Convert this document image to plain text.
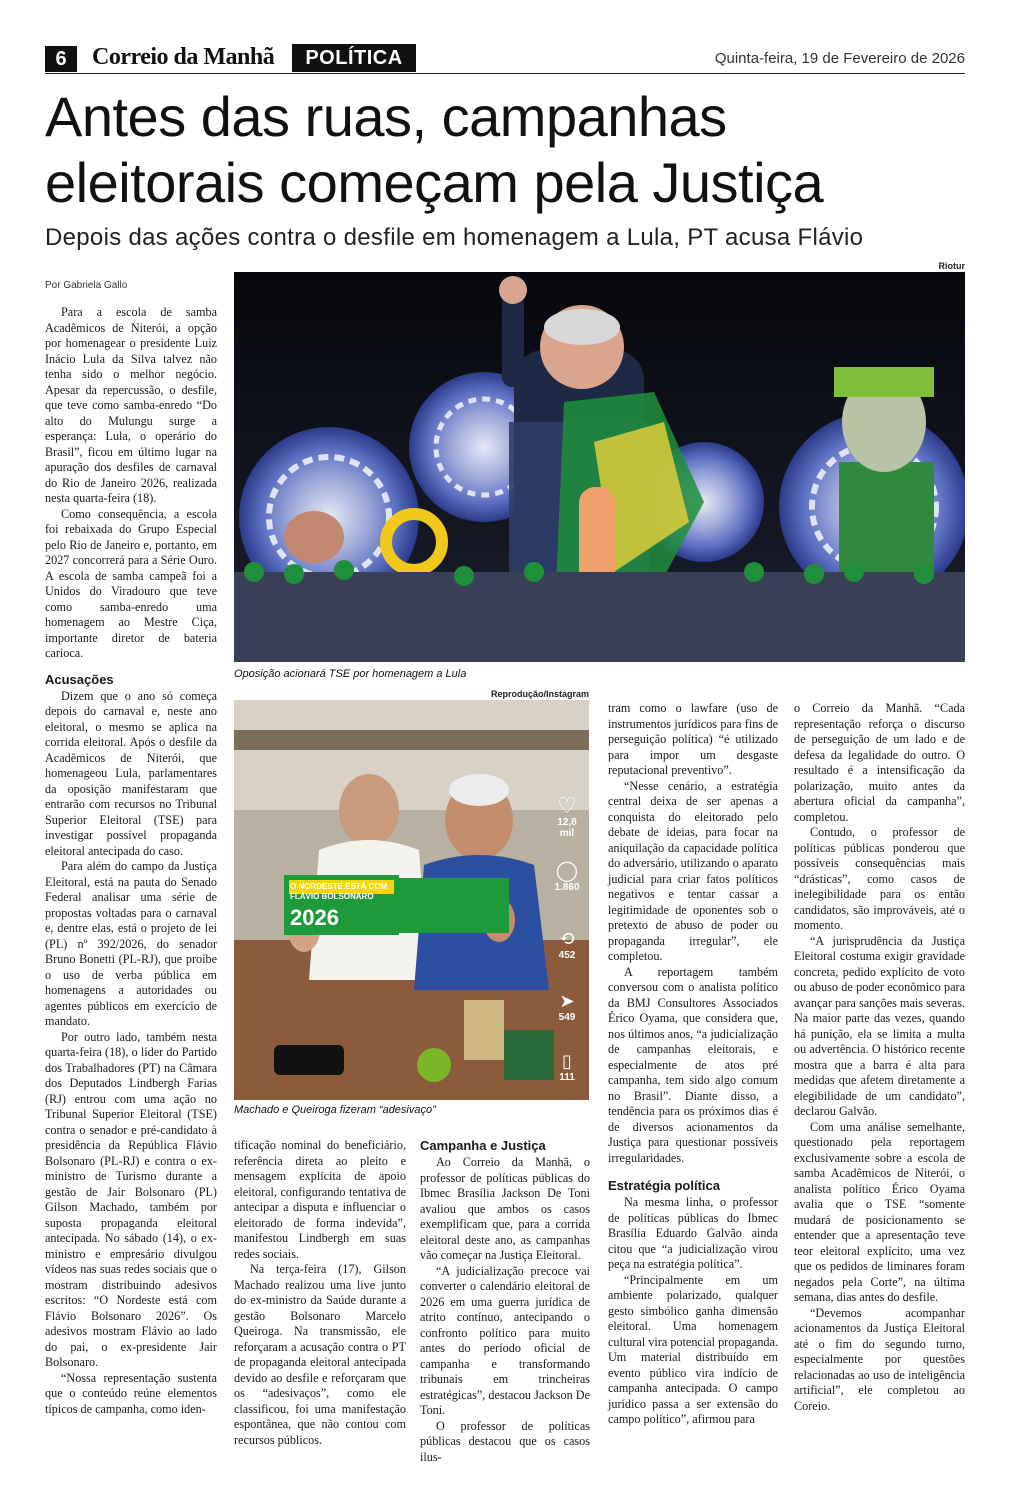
6	Correio da Manhã	POLÍTICA	Quinta-feira, 19 de Fevereiro de 2026
Antes das ruas, campanhas
eleitorais começam pela Justiça
Depois das ações contra o desfile em homenagem a Lula, PT acusa Flávio
Por Gabriela Gallo
Riotur
Oposição acionará TSE por homenagem a Lula
Reprodução/Instagram
O NORDESTE ESTÁ COM
FLÁVIO BOLSONARO
2026
♡
12,8 mil
◯
1.860
⟲
452
➤
549
▯
111
Machado e Queiroga fizeram “adesivaço”

Para a escola de samba Acadêmicos de Niterói, a opção por homenagear o presidente Luiz Inácio Lula da Silva talvez não tenha sido o melhor negócio. Apesar da repercussão, o desfile, que teve como samba-enredo “Do alto do Mulungu surge a esperança: Lula, o operário do Brasil”, ficou em último lugar na apuração dos desfiles de carnaval do Rio de Janeiro 2026, realizada nesta quarta-feira (18).

Como consequência, a escola foi rebaixada do Grupo Especial pelo Rio de Janeiro e, portanto, em 2027 concorrerá para a Série Ouro. A escola de samba campeã foi a Unidos do Viradouro que teve como samba-enredo uma homenagem ao Mestre Ciça, importante diretor de bateria carioca.

Acusações

Dizem que o ano só começa depois do carnaval e, neste ano eleitoral, o mesmo se aplica na corrida eleitoral. Após o desfile da Acadêmicos de Niterói, que homenageou Lula, parlamentares da oposição manifestaram que entrarão com recursos no Tribunal Superior Eleitoral (TSE) para investigar possível propaganda eleitoral antecipada do caso.

Para além do campo da Justiça Eleitoral, está na pauta do Senado Federal analisar uma série de propostas voltadas para o carnaval e, dentre elas, está o projeto de lei (PL) nº 392/2026, do senador Bruno Bonetti (PL-RJ), que proíbe o uso de verba pública em homenagens a autoridades ou agentes públicos em exercício de mandato.

Por outro lado, também nesta quarta-feira (18), o líder do Partido dos Trabalhadores (PT) na Câmara dos Deputados Lindbergh Farias (RJ) entrou com uma ação no Tribunal Superior Eleitoral (TSE) contra o senador e pré-candidato à presidência da República Flávio Bolsonaro (PL-RJ) e contra o ex-ministro de Turismo durante a gestão de Jair Bolsonaro (PL) Gilson Machado, também por suposta propaganda eleitoral antecipada. No sábado (14), o ex-ministro e empresário divulgou vídeos nas suas redes sociais que o mostram distribuindo adesivos escritos: “O Nordeste está com Flávio Bolsonaro 2026”. Os adesivos mostram Flávio ao lado do pai, o ex-presidente Jair Bolsonaro.

“Nossa representação sustenta que o conteúdo reúne elementos típicos de campanha, como iden-

tificação nominal do beneficiário, referência direta ao pleito e mensagem explícita de apoio eleitoral, configurando tentativa de antecipar a disputa e influenciar o eleitorado de forma indevida”, manifestou Lindbergh em suas redes sociais.

Na terça-feira (17), Gilson Machado realizou uma live junto do ex-ministro da Saúde durante a gestão Bolsonaro Marcelo Queiroga. Na transmissão, ele reforçaram a acusação contra o PT de propaganda eleitoral antecipada devido ao desfile e reforçaram que os “adesivaços”, como ele classificou, foi uma manifestação espontânea, que não contou com recursos públicos.

Campanha e Justiça

Ao Correio da Manhã, o professor de políticas públicas do Ibmec Brasília Jackson De Toni avaliou que ambos os casos exemplificam que, para a corrida eleitoral deste ano, as campanhas vão começar na Justiça Eleitoral.

“A judicialização precoce vai converter o calendário eleitoral de 2026 em uma guerra jurídica de atrito contínuo, antecipando o confronto político para muito antes do período oficial de campanha e transformando tribunais em trincheiras estratégicas”, destacou Jackson De Toni.

O professor de políticas públicas destacou que os casos ilus-

tram como o lawfare (uso de instrumentos jurídicos para fins de perseguição política) “é utilizado para impor um desgaste reputacional preventivo”.

“Nesse cenário, a estratégia central deixa de ser apenas a conquista do eleitorado pelo debate de ideias, para focar na aniquilação da capacidade política do adversário, utilizando o aparato judicial para criar fatos políticos negativos e tentar cassar a legitimidade de oponentes sob o pretexto de abuso de poder ou propaganda irregular”, ele completou.

A reportagem também conversou com o analista político da BMJ Consultores Associados Érico Oyama, que considera que, nos últimos anos, “a judicialização de campanhas eleitorais, e especialmente de atos pré campanha, tem sido algo comum no Brasil”. Diante disso, a tendência para os próximos dias é de diversos acionamentos da Justiça para questionar possíveis irregularidades.

Estratégia política

Na mesma linha, o professor de políticas públicas do Ibmec Brasília Eduardo Galvão ainda citou que “a judicialização virou peça na estratégia política”.

“Principalmente em um ambiente polarizado, qualquer gesto simbólico ganha dimensão eleitoral. Uma homenagem cultural vira potencial propaganda. Um material distribuído em evento público vira indício de campanha antecipada. O campo jurídico passa a ser extensão do campo político”, afirmou para

o Correio da Manhã. “Cada representação reforça o discurso de perseguição de um lado e de defesa da legalidade do outro. O resultado é a intensificação da polarização, muito antes da abertura oficial da campanha”, completou.

Contudo, o professor de políticas públicas ponderou que possíveis consequências mais “drásticas”, como casos de inelegibilidade para os então candidatos, são improváveis, até o momento.

“A jurisprudência da Justiça Eleitoral costuma exigir gravidade concreta, pedido explícito de voto ou abuso de poder econômico para avançar para sanções mais severas. Na maior parte das vezes, quando há punição, ela se limita a multa ou advertência. O histórico recente mostra que a barra é alta para medidas que afetem diretamente a elegibilidade de um candidato”, declarou Galvão.

Com uma análise semelhante, questionado pela reportagem exclusivamente sobre a escola de samba Acadêmicos de Niterói, o analista político Érico Oyama avalia que o TSE “somente mudará de posicionamento se entender que a apresentação teve teor eleitoral explícito, uma vez que os pedidos de liminares foram negados pela Corte”, na última semana, dias antes do desfile.

“Devemos acompanhar acionamentos da Justiça Eleitoral até o fim do segundo turno, especialmente por questões relacionadas ao uso de inteligência artificial”, ele completou ao Coreio.
